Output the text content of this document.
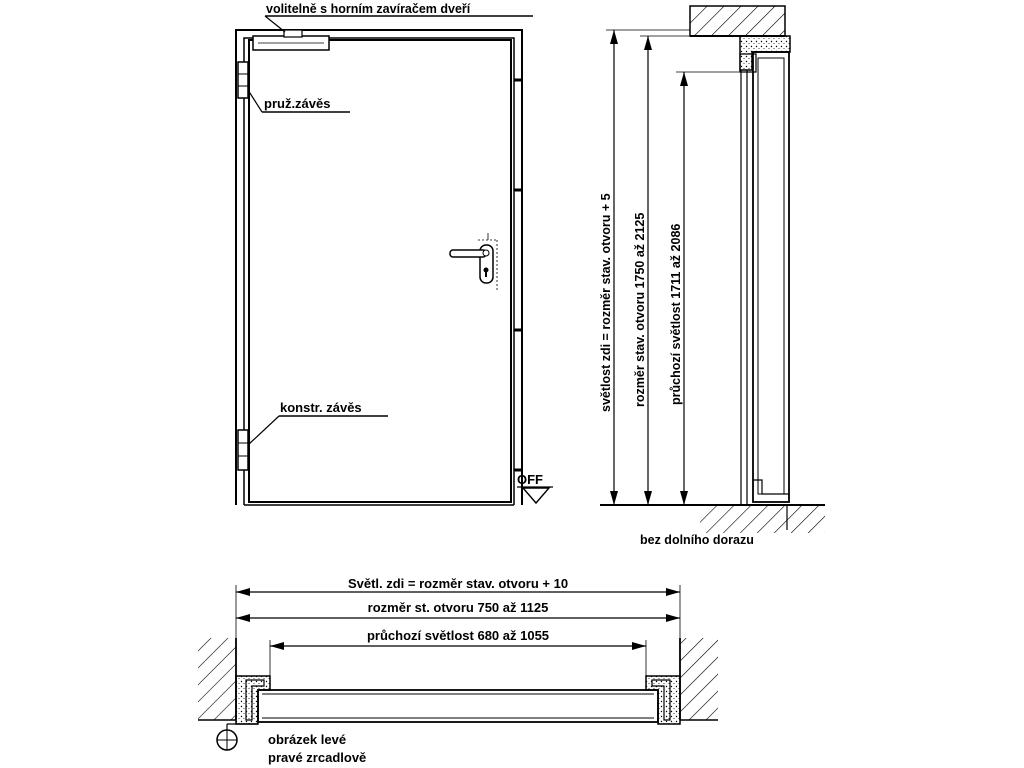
volitelně s horním zavíračem dveří
pruž.závěs
konstr. závěs
OFF
světlost zdi = rozměr stav. otvoru + 5 rozměr stav. otvoru 1750 až 2125 průchozí světlost 1711 až 2086
bez dolního dorazu
Světl. zdi = rozměr stav. otvoru + 10
rozměr st. otvoru 750 až 1125
průchozí světlost 680 až 1055
obrázek levé
pravé zrcadlově
